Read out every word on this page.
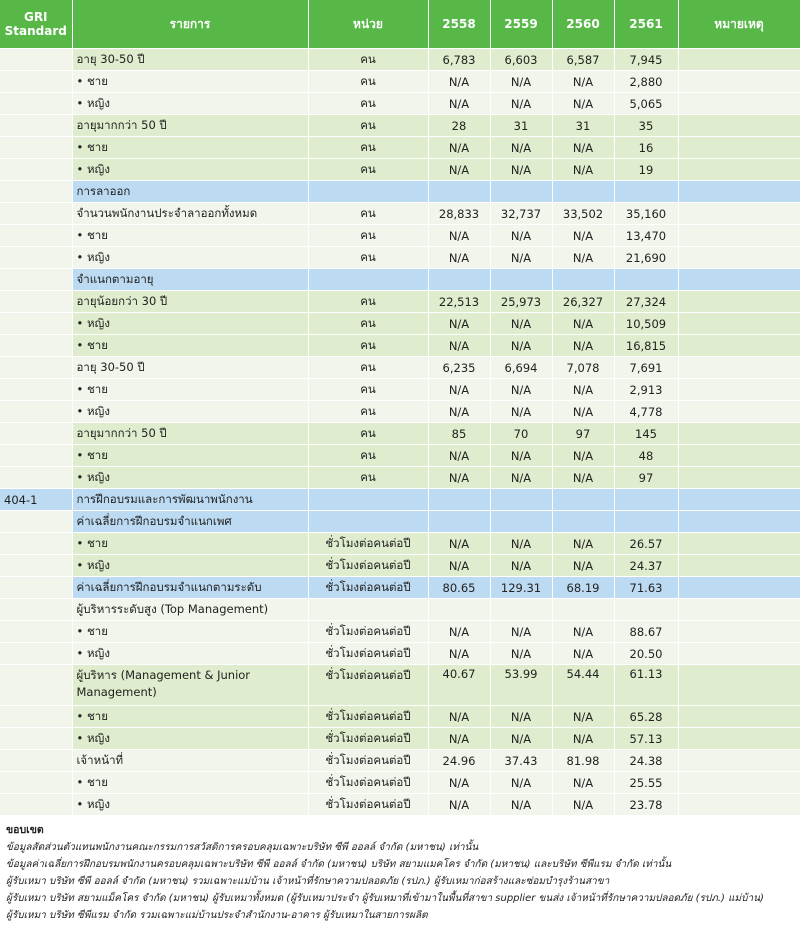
GRI Standard	รายการ	หน่วย	2558	2559	2560	2561	หมายเหตุ
	อายุ 30-50 ปี	คน	6,783	6,603	6,587	7,945	
	• ชาย	คน	N/A	N/A	N/A	2,880	
	• หญิง	คน	N/A	N/A	N/A	5,065	
	อายุมากกว่า 50 ปี	คน	28	31	31	35	
	• ชาย	คน	N/A	N/A	N/A	16	
	• หญิง	คน	N/A	N/A	N/A	19	
	การลาออก						
	จำนวนพนักงานประจำลาออกทั้งหมด	คน	28,833	32,737	33,502	35,160	
	• ชาย	คน	N/A	N/A	N/A	13,470	
	• หญิง	คน	N/A	N/A	N/A	21,690	
	จำแนกตามอายุ						
	อายุน้อยกว่า 30 ปี	คน	22,513	25,973	26,327	27,324	
	• หญิง	คน	N/A	N/A	N/A	10,509	
	• ชาย	คน	N/A	N/A	N/A	16,815	
	อายุ 30-50 ปี	คน	6,235	6,694	7,078	7,691	
	• ชาย	คน	N/A	N/A	N/A	2,913	
	• หญิง	คน	N/A	N/A	N/A	4,778	
	อายุมากกว่า 50 ปี	คน	85	70	97	145	
	• ชาย	คน	N/A	N/A	N/A	48	
	• หญิง	คน	N/A	N/A	N/A	97	
404-1	การฝึกอบรมและการพัฒนาพนักงาน						
	ค่าเฉลี่ยการฝึกอบรมจำแนกเพศ						
	• ชาย	ชั่วโมงต่อคนต่อปี	N/A	N/A	N/A	26.57	
	• หญิง	ชั่วโมงต่อคนต่อปี	N/A	N/A	N/A	24.37	
	ค่าเฉลี่ยการฝึกอบรมจำแนกตามระดับ	ชั่วโมงต่อคนต่อปี	80.65	129.31	68.19	71.63	
	ผู้บริหารระดับสูง (Top Management)						
	• ชาย	ชั่วโมงต่อคนต่อปี	N/A	N/A	N/A	88.67	
	• หญิง	ชั่วโมงต่อคนต่อปี	N/A	N/A	N/A	20.50	
	ผู้บริหาร (Management & Junior Management)	ชั่วโมงต่อคนต่อปี	40.67	53.99	54.44	61.13	
	• ชาย	ชั่วโมงต่อคนต่อปี	N/A	N/A	N/A	65.28	
	• หญิง	ชั่วโมงต่อคนต่อปี	N/A	N/A	N/A	57.13	
	เจ้าหน้าที่	ชั่วโมงต่อคนต่อปี	24.96	37.43	81.98	24.38	
	• ชาย	ชั่วโมงต่อคนต่อปี	N/A	N/A	N/A	25.55	
	• หญิง	ชั่วโมงต่อคนต่อปี	N/A	N/A	N/A	23.78	
ขอบเขต
ข้อมูลสัดส่วนตัวแทนพนักงานคณะกรรมการสวัสดิการครอบคลุมเฉพาะบริษัท ซีพี ออลล์ จำกัด (มหาชน) เท่านั้น
ข้อมูลค่าเฉลี่ยการฝึกอบรมพนักงานครอบคลุมเฉพาะบริษัท ซีพี ออลล์ จำกัด (มหาชน) บริษัท สยามแมคโคร จำกัด (มหาชน) และบริษัท ซีพีแรม จำกัด เท่านั้น
ผู้รับเหมา บริษัท ซีพี ออลล์ จำกัด (มหาชน) รวมเฉพาะแม่บ้าน เจ้าหน้าที่รักษาความปลอดภัย (รปภ.) ผู้รับเหมาก่อสร้างและซ่อมบำรุงร้านสาขา
ผู้รับเหมา บริษัท สยามแม็คโคร จำกัด (มหาชน) ผู้รับเหมาทั้งหมด (ผู้รับเหมาประจำ ผู้รับเหมาที่เข้ามาในพื้นที่สาขา supplier ขนส่ง เจ้าหน้าที่รักษาความปลอดภัย (รปภ.) แม่บ้าน)
ผู้รับเหมา บริษัท ซีพีแรม จำกัด รวมเฉพาะแม่บ้านประจำสำนักงาน-อาคาร ผู้รับเหมาในสายการผลิต
